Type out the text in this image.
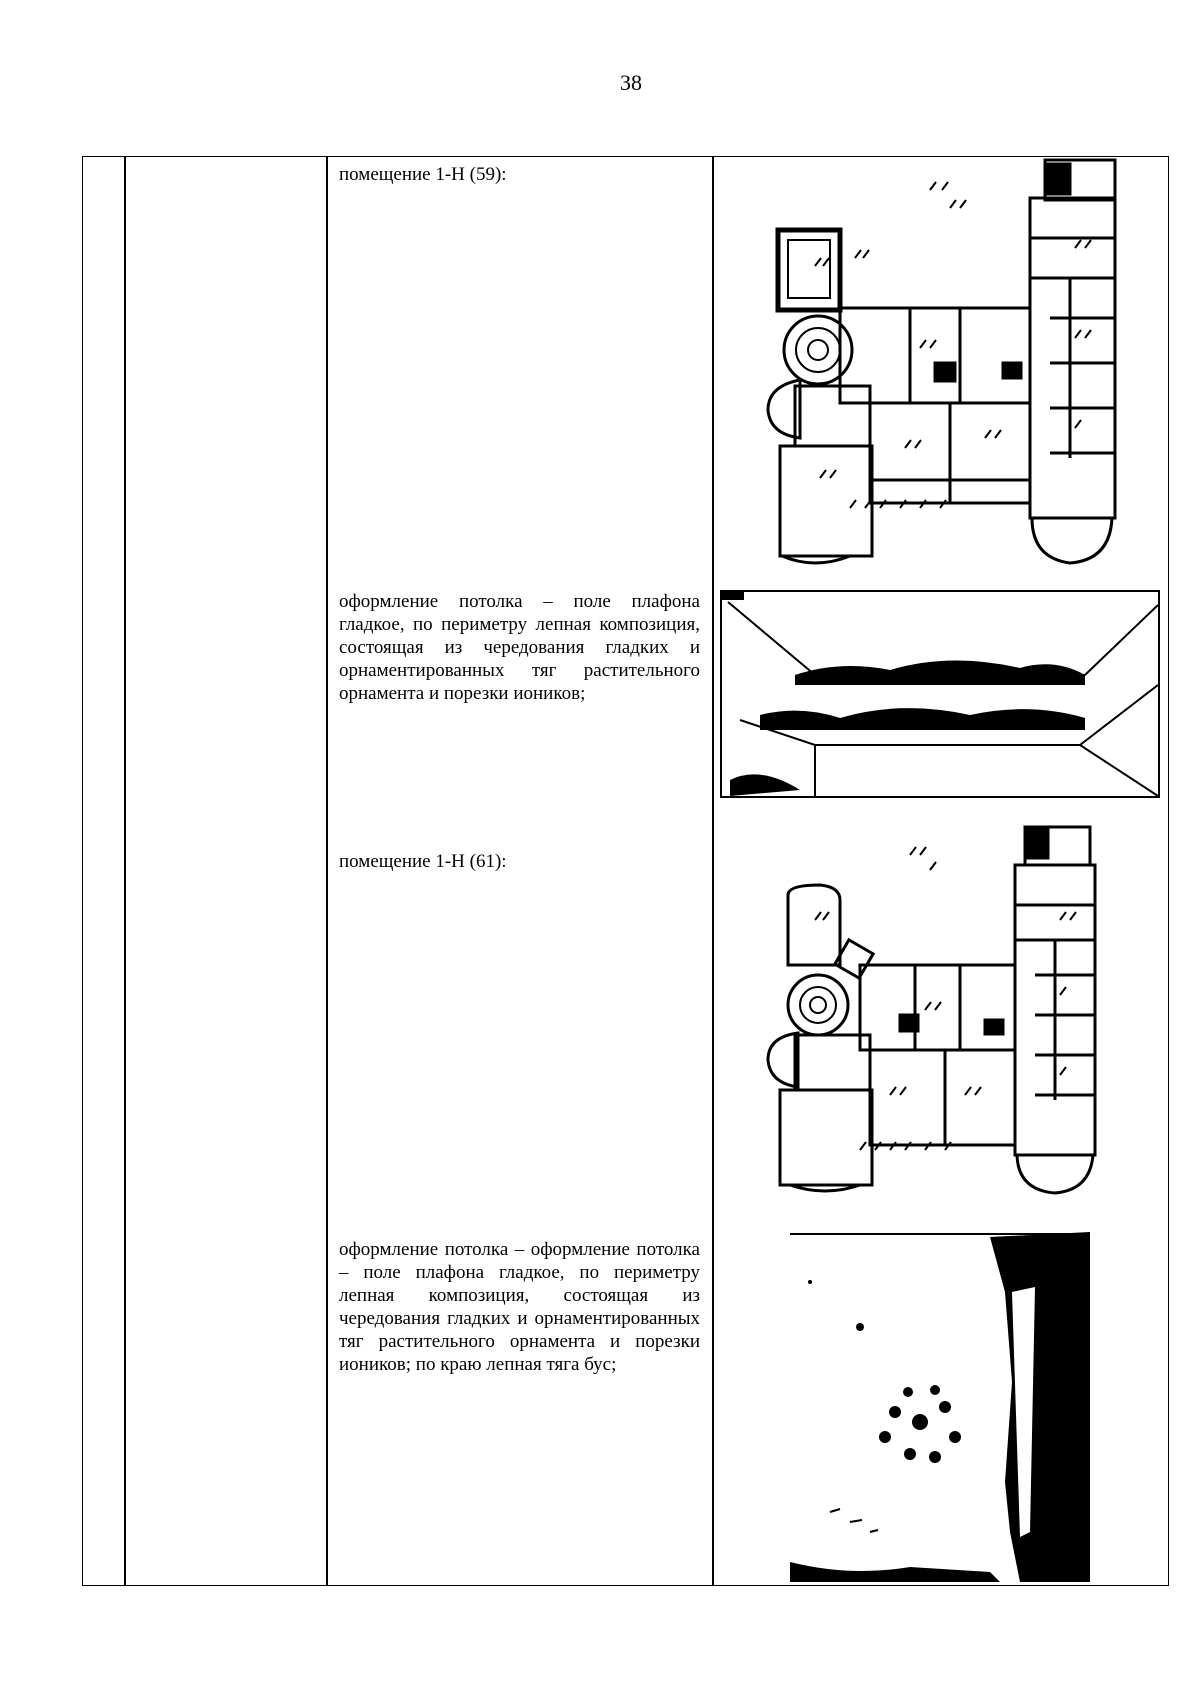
38
помещение 1-Н (59):
оформление потолка – поле плафона гладкое, по периметру лепная композиция, состоящая из чередования гладких и орнаментированных тяг растительного орнамента и порезки иоников;
помещение 1-Н (61):
оформление потолка – оформление потолка – поле плафона гладкое, по периметру лепная композиция, состоящая из чередования гладких и орнаментированных тяг растительного орнамента и порезки иоников; по краю лепная тяга бус;
